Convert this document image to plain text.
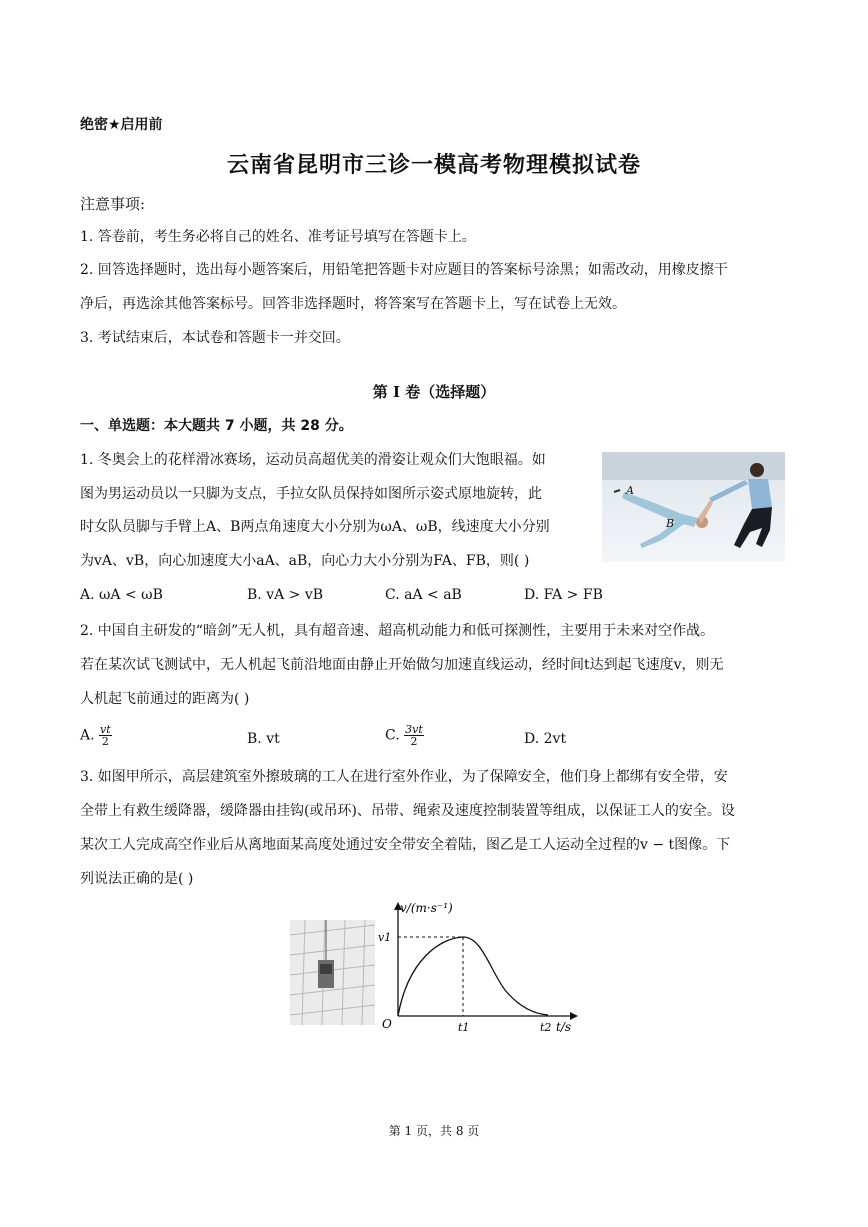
绝密★启用前
云南省昆明市三诊一模高考物理模拟试卷
注意事项:
1. 答卷前，考生务必将自己的姓名、准考证号填写在答题卡上。
2. 回答选择题时，选出每小题答案后，用铅笔把答题卡对应题目的答案标号涂黑；如需改动，用橡皮擦干
净后，再选涂其他答案标号。回答非选择题时，将答案写在答题卡上，写在试卷上无效。
3. 考试结束后，本试卷和答题卡一并交回。
第 I 卷（选择题）
一、单选题：本大题共 7 小题，共 28 分。
1. 冬奥会上的花样滑冰赛场，运动员高超优美的滑姿让观众们大饱眼福。如
图为男运动员以一只脚为支点，手拉女队员保持如图所示姿式原地旋转，此
时女队员脚与手臂上A、B两点角速度大小分别为ωA、ωB，线速度大小分别
为vA、vB，向心加速度大小aA、aB，向心力大小分别为FA、FB，则( )
A
B
A. ωA < ωB	B. vA > vB	C. aA < aB	D. FA > FB
2. 中国自主研发的“暗剑”无人机，具有超音速、超高机动能力和低可探测性，主要用于未来对空作战。
若在某次试飞测试中，无人机起飞前沿地面由静止开始做匀加速直线运动，经时间t达到起飞速度v，则无
人机起飞前通过的距离为( )
A. $\frac{vt}{2}$	B. vt	C. $\frac{3vt}{2}$	D. 2vt
3. 如图甲所示，高层建筑室外擦玻璃的工人在进行室外作业，为了保障安全，他们身上都绑有安全带，安
全带上有救生缓降器，缓降器由挂钩(或吊环)、吊带、绳索及速度控制装置等组成，以保证工人的安全。设
某次工人完成高空作业后从离地面某高度处通过安全带安全着陆，图乙是工人运动全过程的v − t图像。下
列说法正确的是( )
v/(m·s⁻¹)
v1
O	t1	t2 t/s
第 1 页，共 8 页
